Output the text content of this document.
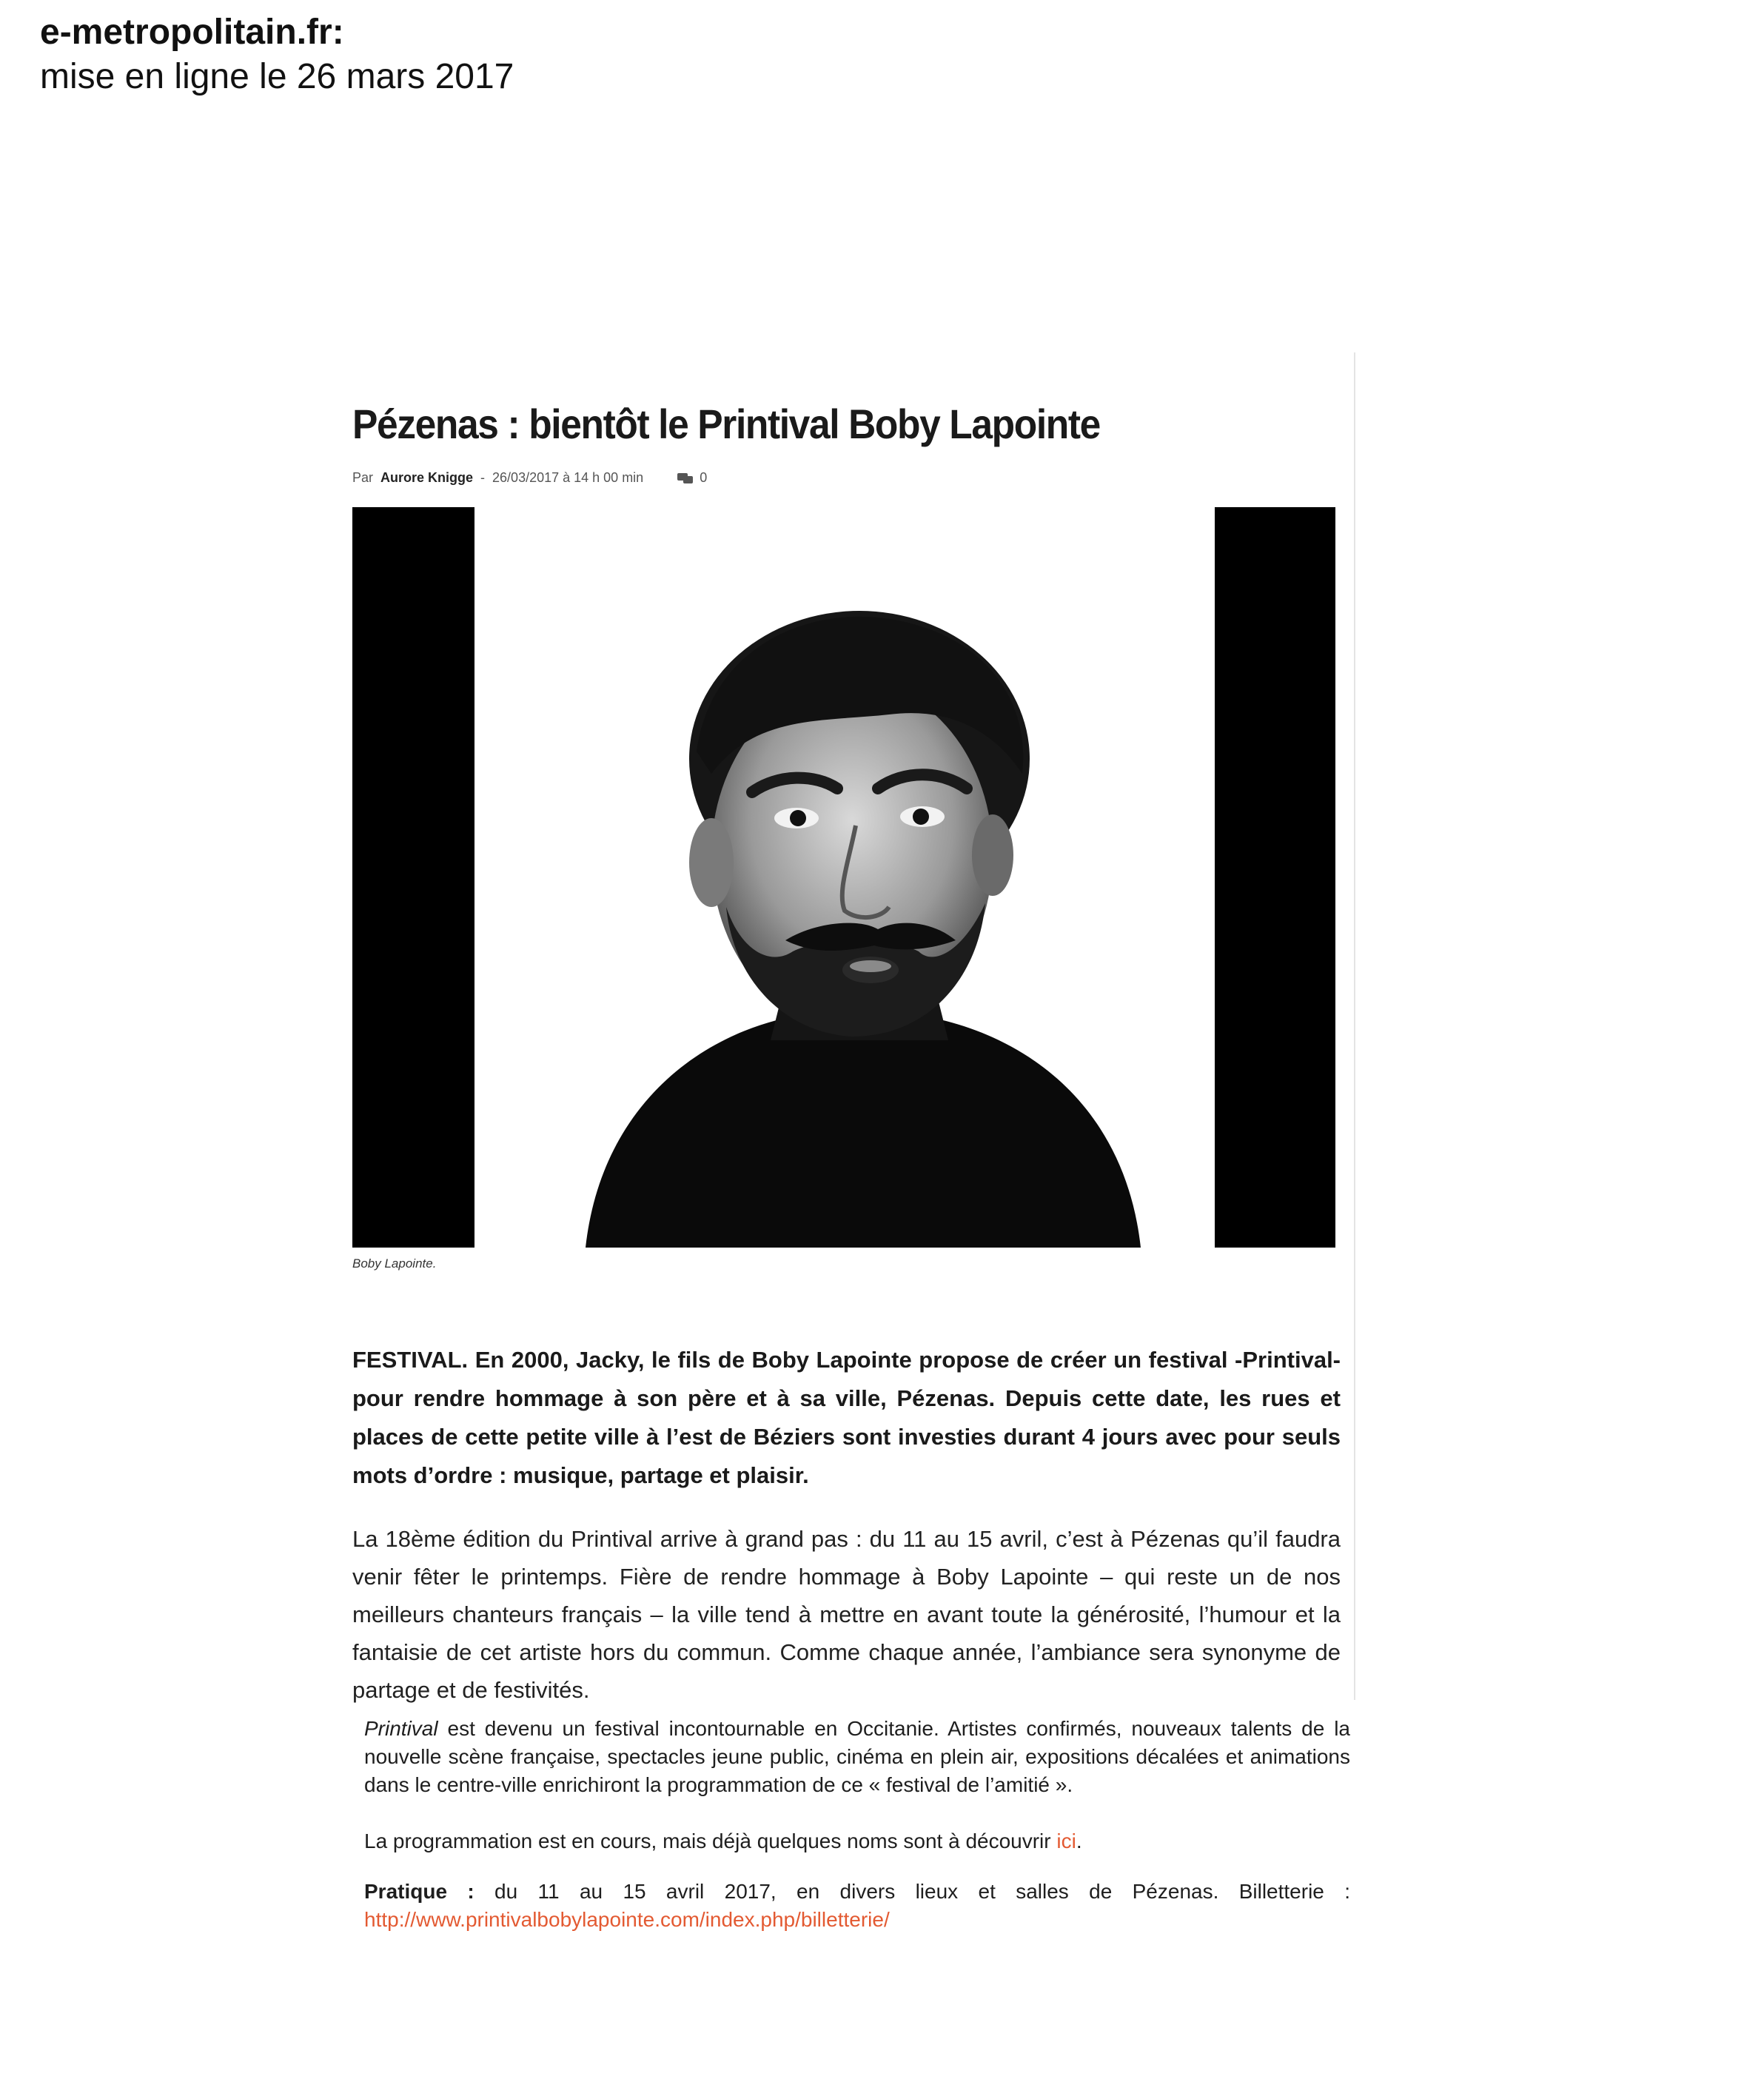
e-metropolitain.fr:
mise en ligne le 26 mars 2017
Pézenas : bientôt le Printival Boby Lapointe
Par Aurore Knigge - 26/03/2017 à 14 h 00 min	0
Boby Lapointe.

FESTIVAL. En 2000, Jacky, le fils de Boby Lapointe propose de créer un festival -Printival- pour rendre hommage à son père et à sa ville, Pézenas. Depuis cette date, les rues et places de cette petite ville à l’est de Béziers sont investies durant 4 jours avec pour seuls mots d’ordre : musique, partage et plaisir.

La 18ème édition du Printival arrive à grand pas : du 11 au 15 avril, c’est à Pézenas qu’il faudra venir fêter le printemps. Fière de rendre hommage à Boby Lapointe – qui reste un de nos meilleurs chanteurs français – la ville tend à mettre en avant toute la générosité, l’humour et la fantaisie de cet artiste hors du commun. Comme chaque année, l’ambiance sera synonyme de partage et de festivités.

Printival est devenu un festival incontournable en Occitanie. Artistes confirmés, nouveaux talents de la nouvelle scène française, spectacles jeune public, cinéma en plein air, expositions décalées et animations dans le centre-ville enrichiront la programmation de ce « festival de l’amitié ».

La programmation est en cours, mais déjà quelques noms sont à découvrir ici.

Pratique : du 11 au 15 avril 2017, en divers lieux et salles de Pézenas. Billetterie : http://www.printivalbobylapointe.com/index.php/billetterie/
